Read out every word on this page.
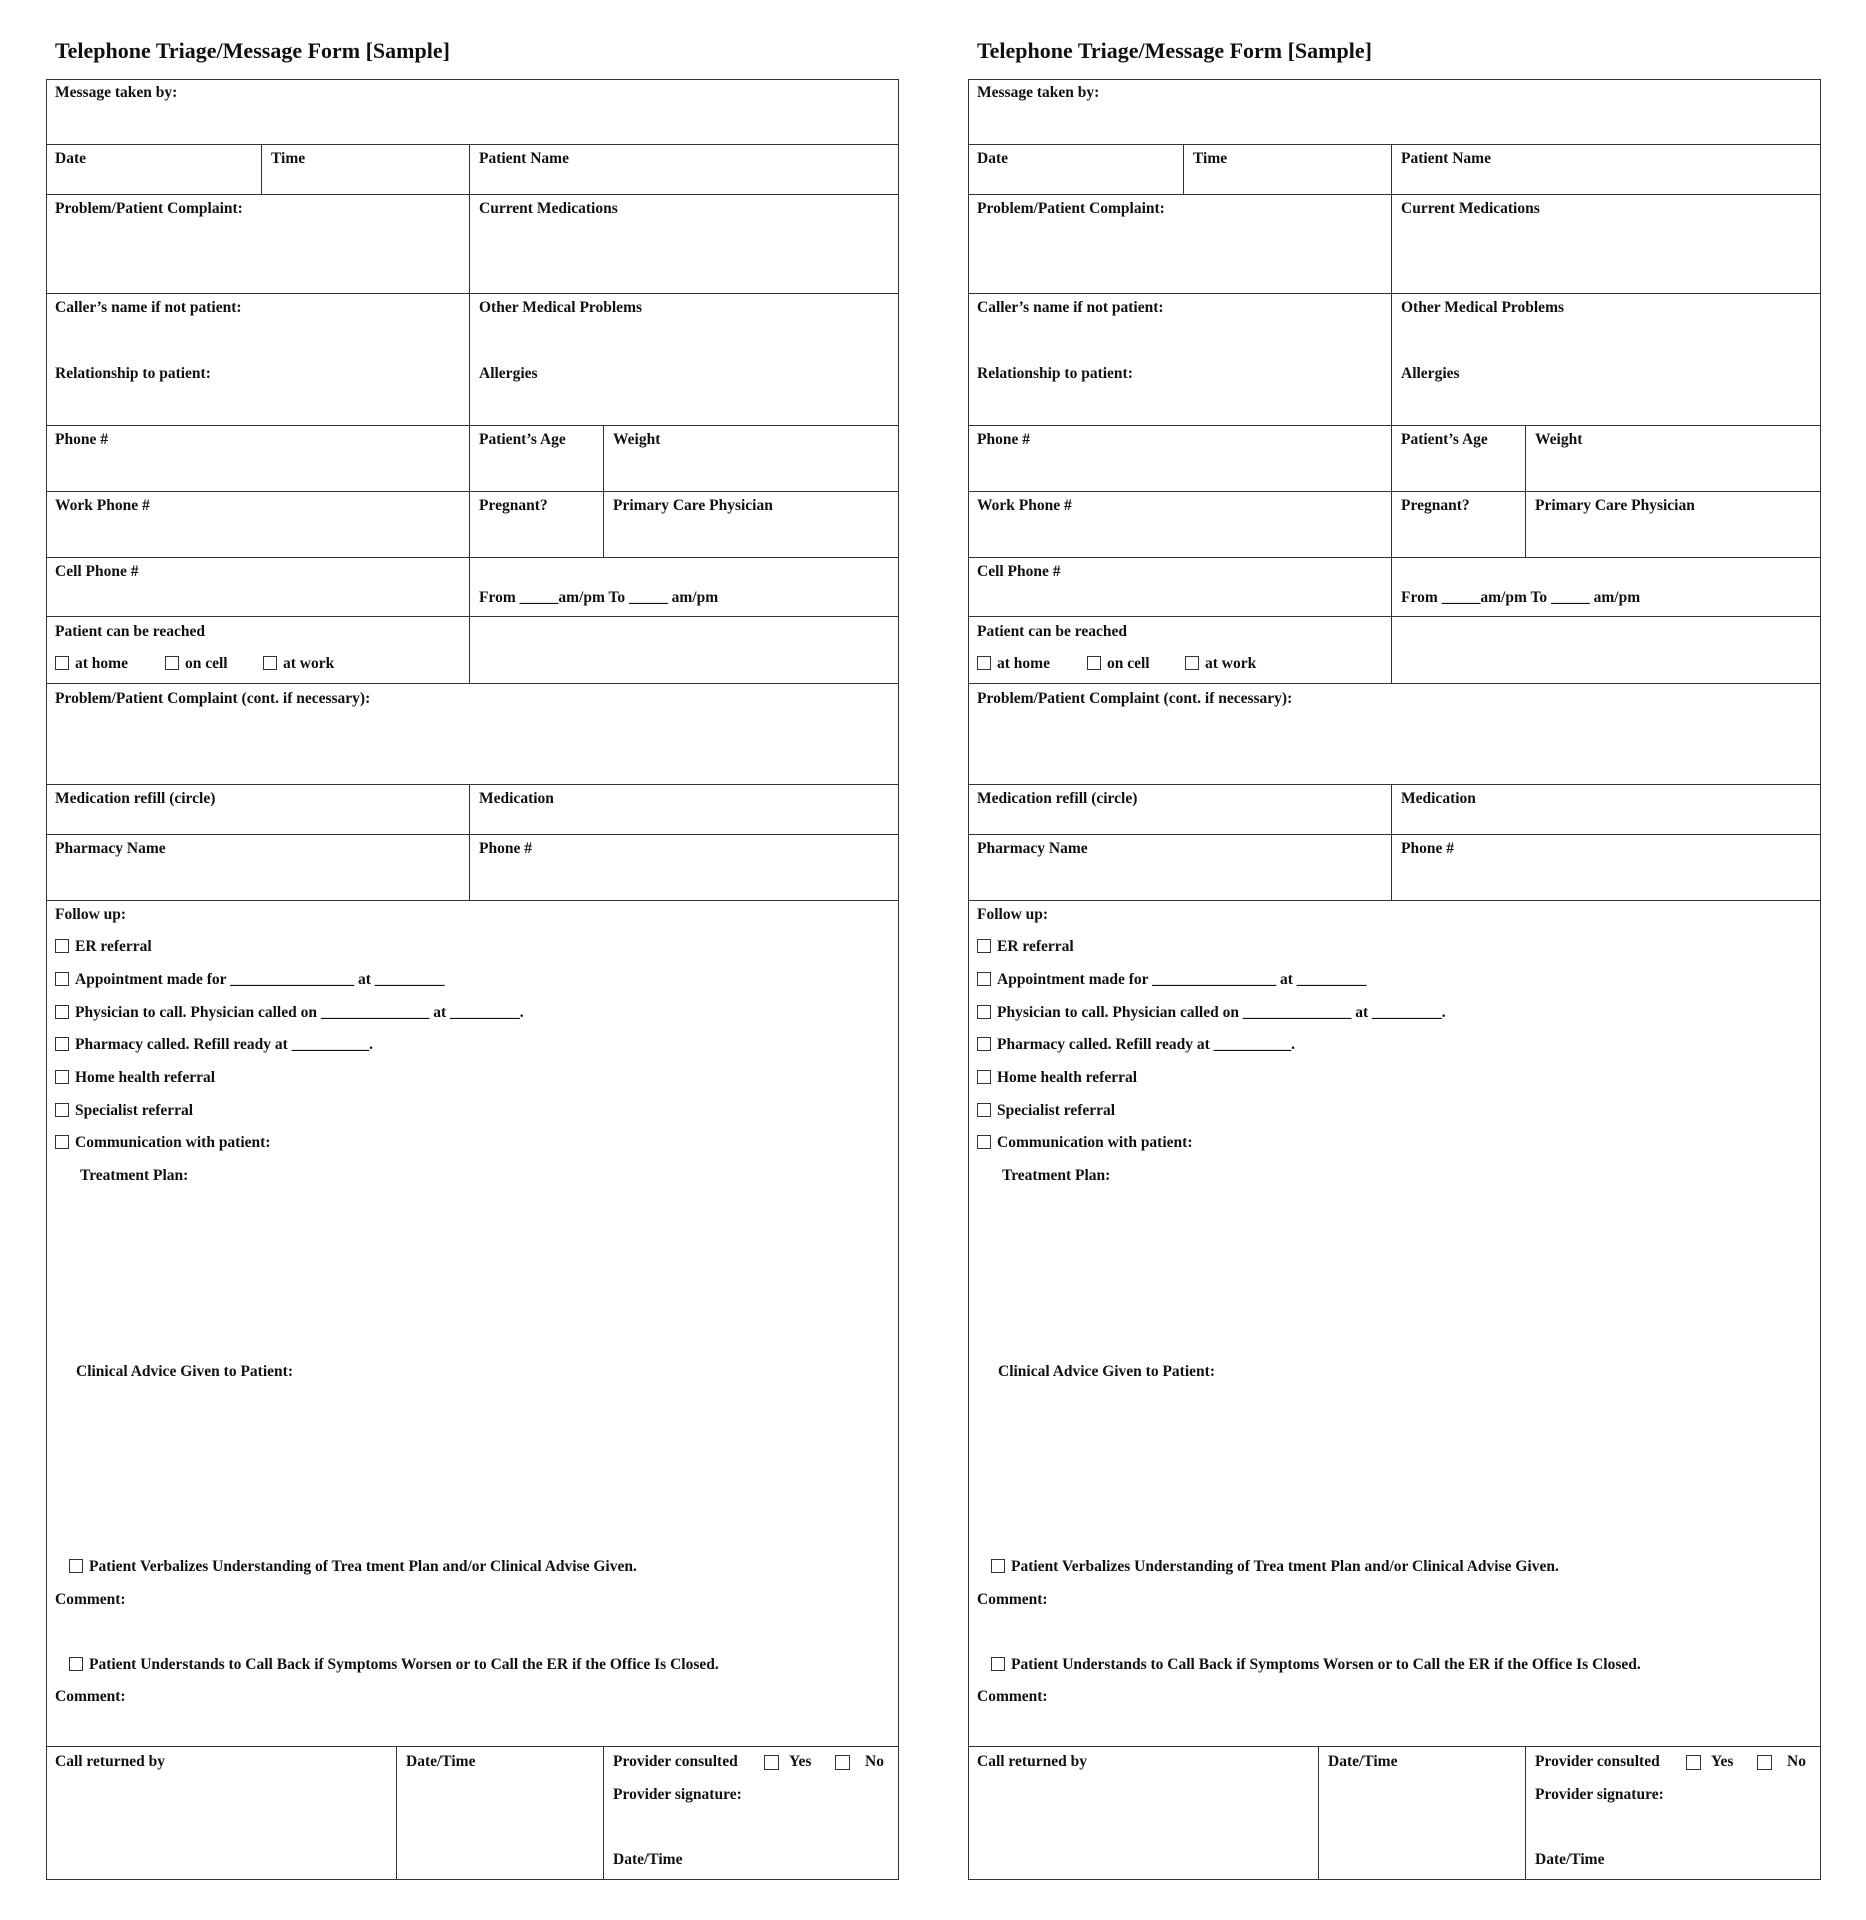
Telephone Triage/Message Form [Sample]
Message taken by:
Date	Time	Patient Name
Problem/Patient Complaint:	Current Medications
Caller’s name if not patient:	Other Medical Problems
Relationship to patient:	Allergies
Phone #	Patient’s Age	Weight
Work Phone #	Pregnant?	Primary Care Physician
Cell Phone #
From _____am/pm To _____ am/pm
Patient can be reached
at home	on cell	at work
Problem/Patient Complaint (cont. if necessary):
Medication refill (circle)	Medication
Pharmacy Name	Phone #
Follow up:
ER referral
Appointment made for ________________ at _________
Physician to call. Physician called on ______________ at _________.
Pharmacy called. Refill ready at __________.
Home health referral
Specialist referral
Communication with patient:
Treatment Plan:
Clinical Advice Given to Patient:
Patient Verbalizes Understanding of Trea tment Plan and/or Clinical Advise Given.
Comment:
Patient Understands to Call Back if Symptoms Worsen or to Call the ER if the Office Is Closed.
Comment:
Call returned by	Date/Time	Provider consulted	Yes	No
Provider signature:
Date/Time
Telephone Triage/Message Form [Sample]
Message taken by:
Date	Time	Patient Name
Problem/Patient Complaint:	Current Medications
Caller’s name if not patient:	Other Medical Problems
Relationship to patient:	Allergies
Phone #	Patient’s Age	Weight
Work Phone #	Pregnant?	Primary Care Physician
Cell Phone #
From _____am/pm To _____ am/pm
Patient can be reached
at home	on cell	at work
Problem/Patient Complaint (cont. if necessary):
Medication refill (circle)	Medication
Pharmacy Name	Phone #
Follow up:
ER referral
Appointment made for ________________ at _________
Physician to call. Physician called on ______________ at _________.
Pharmacy called. Refill ready at __________.
Home health referral
Specialist referral
Communication with patient:
Treatment Plan:
Clinical Advice Given to Patient:
Patient Verbalizes Understanding of Trea tment Plan and/or Clinical Advise Given.
Comment:
Patient Understands to Call Back if Symptoms Worsen or to Call the ER if the Office Is Closed.
Comment:
Call returned by	Date/Time	Provider consulted	Yes	No
Provider signature:
Date/Time
